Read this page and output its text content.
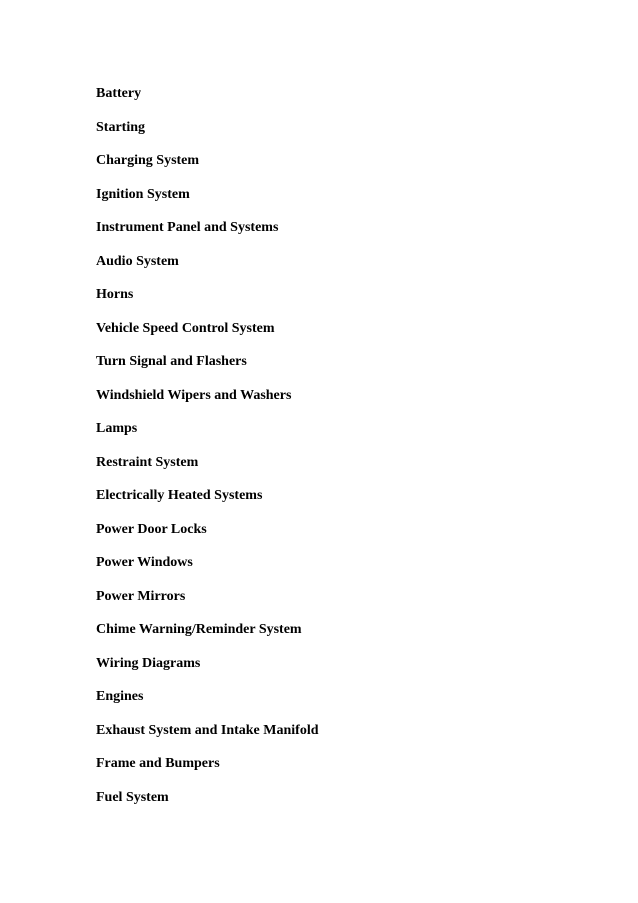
Battery
Starting
Charging System
Ignition System
Instrument Panel and Systems
Audio System
Horns
Vehicle Speed Control System
Turn Signal and Flashers
Windshield Wipers and Washers
Lamps
Restraint System
Electrically Heated Systems
Power Door Locks
Power Windows
Power Mirrors
Chime Warning/Reminder System
Wiring Diagrams
Engines
Exhaust System and Intake Manifold
Frame and Bumpers
Fuel System
